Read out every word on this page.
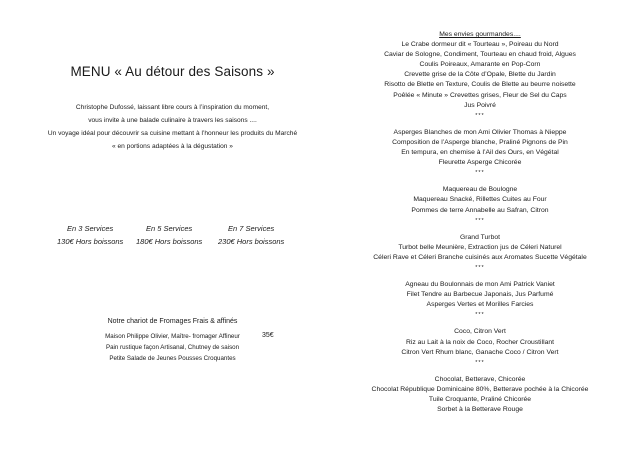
MENU « Au détour des Saisons »
Christophe Dufossé, laissant libre cours à l’inspiration du moment,
vous invite à une balade culinaire à travers les saisons ....
Un voyage idéal pour découvrir sa cuisine mettant à l’honneur les produits du Marché
« en portions adaptées à la dégustation »
En 3 Services
130€ Hors boissons
En 5 Services
180€ Hors boissons
En 7 Services
230€ Hors boissons
Notre chariot de Fromages Frais & affinés
Maison Philippe Olivier, Maître- fromager Affineur
Pain rustique façon Artisanal, Chutney de saison
Petite Salade de Jeunes Pousses Croquantes
35€
Mes envies gourmandes....
Le Crabe dormeur dit « Tourteau », Poireau du Nord
Caviar de Sologne, Condiment, Tourteau en chaud froid, Algues
Coulis Poireaux, Amarante en Pop-Corn
Crevette grise de la Côte d’Opale, Blette du Jardin
Risotto de Blette en Texture, Coulis de Blette au beurre noisette
Poêlée « Minute » Crevettes grises, Fleur de Sel du Caps
Jus Poivré
***
Asperges Blanches de mon Ami Olivier Thomas à Nieppe
Composition de l’Asperge blanche, Praliné Pignons de Pin
En tempura, en chemise à l’Ail des Ours, en Végétal
Fleurette Asperge Chicorée
***
Maquereau de Boulogne
Maquereau Snacké, Rillettes Cuites au Four
Pommes de terre Annabelle au Safran, Citron
***
Grand Turbot
Turbot belle Meunière, Extraction jus de Céleri Naturel
Céleri Rave et Céleri Branche cuisinés aux Aromates Sucette Végétale
***
Agneau du Boulonnais de mon Ami Patrick Vaniet
Filet Tendre au Barbecue Japonais, Jus Parfumé
Asperges Vertes et Morilles Farcies
***
Coco, Citron Vert
Riz au Lait à la noix de Coco, Rocher Croustillant
Citron Vert Rhum blanc, Ganache Coco / Citron Vert
***
Chocolat, Betterave, Chicorée
Chocolat République Dominicaine 80%, Betterave pochée à la Chicorée
Tuile Croquante, Praliné Chicorée
Sorbet à la Betterave Rouge
